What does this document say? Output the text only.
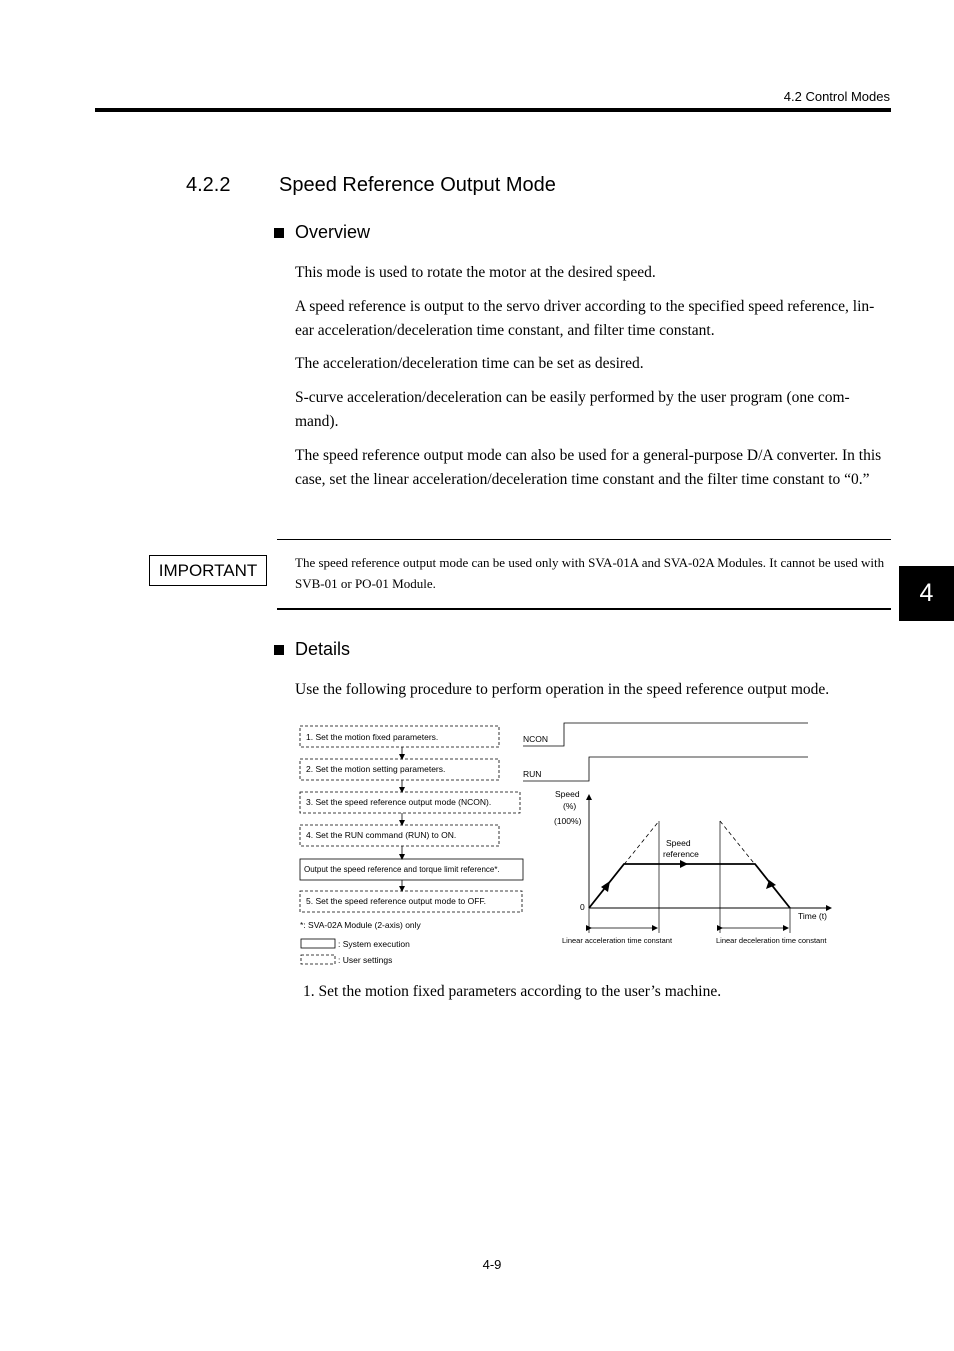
4.2 Control Modes
4.2.2 Speed Reference Output Mode
Overview

This mode is used to rotate the motor at the desired speed.

A speed reference is output to the servo driver according to the specified speed reference, lin-ear acceleration/deceleration time constant, and filter time constant.

The acceleration/deceleration time can be set as desired.

S-curve acceleration/deceleration can be easily performed by the user program (one com-mand).

The speed reference output mode can also be used for a general-purpose D/A converter. In this case, set the linear acceleration/deceleration time constant and the filter time constant to “0.”

IMPORTANT	The speed reference output mode can be used only with SVA-01A and SVA-02A Modules. It cannot be used with SVB-01 or PO-01 Module.	4
Details

Use the following procedure to perform operation in the speed reference output mode.

1. Set the motion fixed parameters.
2. Set the motion setting parameters.
3. Set the speed reference output mode (NCON).
4. Set the RUN command (RUN) to ON.
Output the speed reference and torque limit reference*.
5. Set the speed reference output mode to OFF.
*: SVA-02A Module (2-axis) only
: System execution
: User settings
NCON
RUN
Speed
(%)
(100%)
0
Time (t)
Speed
reference
Linear acceleration time constant	Linear deceleration time constant
1. Set the motion fixed parameters according to the user’s machine.
4-9
